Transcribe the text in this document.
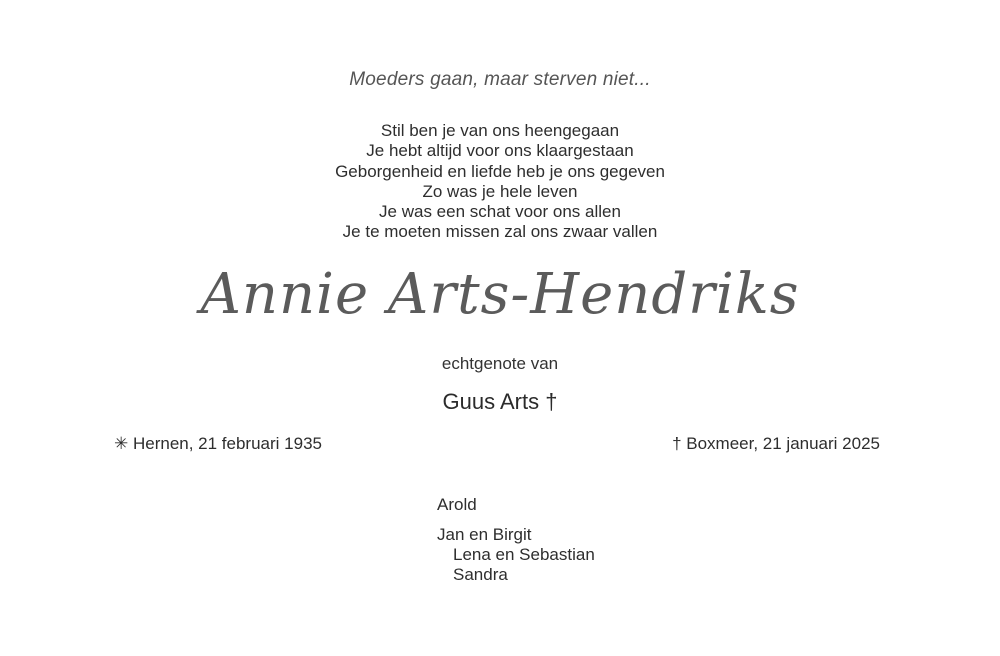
Moeders gaan, maar sterven niet...
Stil ben je van ons heengegaan
Je hebt altijd voor ons klaargestaan
Geborgenheid en liefde heb je ons gegeven
Zo was je hele leven
Je was een schat voor ons allen
Je te moeten missen zal ons zwaar vallen
Annie Arts-Hendriks
echtgenote van
Guus Arts †
✳ Hernen, 21 februari 1935	† Boxmeer, 21 januari 2025
Arold
Jan en Birgit
Lena en Sebastian
Sandra
